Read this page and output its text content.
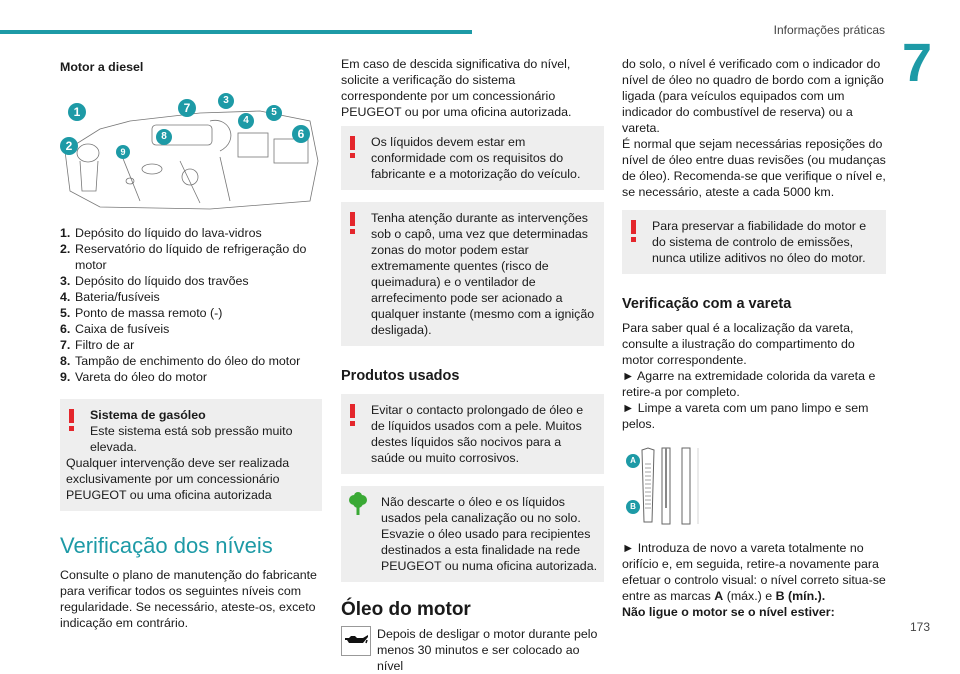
Informações práticas
7
173
Motor a diesel
1
2
3
4
5
6
7
8
9
1. Depósito do líquido do lava-vidros
2. Reservatório do líquido de refrigeração do motor
3. Depósito do líquido dos travões
4. Bateria/fusíveis
5. Ponto de massa remoto (-)
6. Caixa de fusíveis
7. Filtro de ar
8. Tampão de enchimento do óleo do motor
9. Vareta do óleo do motor
Sistema de gasóleo
Este sistema está sob pressão muito elevada.
Qualquer intervenção deve ser realizada exclusivamente por um concessionário PEUGEOT ou uma oficina autorizada
Verificação dos níveis

Consulte o plano de manutenção do fabricante para verificar todos os seguintes níveis com regularidade. Se necessário, ateste-os, exceto indicação em contrário.

Em caso de descida significativa do nível, solicite a verificação do sistema correspondente por um concessionário PEUGEOT ou por uma oficina autorizada.

Os líquidos devem estar em conformidade com os requisitos do fabricante e a motorização do veículo.
Tenha atenção durante as intervenções sob o capô, uma vez que determinadas zonas do motor podem estar extremamente quentes (risco de queimadura) e o ventilador de arrefecimento pode ser acionado a qualquer instante (mesmo com a ignição desligada).
Produtos usados
Evitar o contacto prolongado de óleo e de líquidos usados com a pele. Muitos destes líquidos são nocivos para a saúde ou muito corrosivos.
Não descarte o óleo e os líquidos usados pela canalização ou no solo. Esvazie o óleo usado para recipientes destinados a esta finalidade na rede PEUGEOT ou numa oficina autorizada.
Óleo do motor

Depois de desligar o motor durante pelo menos 30 minutos e ser colocado ao nível

do solo, o nível é verificado com o indicador do nível de óleo no quadro de bordo com a ignição ligada (para veículos equipados com um indicador do combustível de reserva) ou a vareta.

É normal que sejam necessárias reposições do nível de óleo entre duas revisões (ou mudanças de óleo). Recomenda-se que verifique o nível e, se necessário, ateste a cada 5000 km.

Para preservar a fiabilidade do motor e do sistema de controlo de emissões, nunca utilize aditivos no óleo do motor.
Verificação com a vareta

Para saber qual é a localização da vareta, consulte a ilustração do compartimento do motor correspondente.

► Agarre na extremidade colorida da vareta e retire-a por completo.

► Limpe a vareta com um pano limpo e sem pelos.

A
B

► Introduza de novo a vareta totalmente no orifício e, em seguida, retire-a novamente para efetuar o controlo visual: o nível correto situa-se entre as marcas A (máx.) e B (mín.).

Não ligue o motor se o nível estiver:
